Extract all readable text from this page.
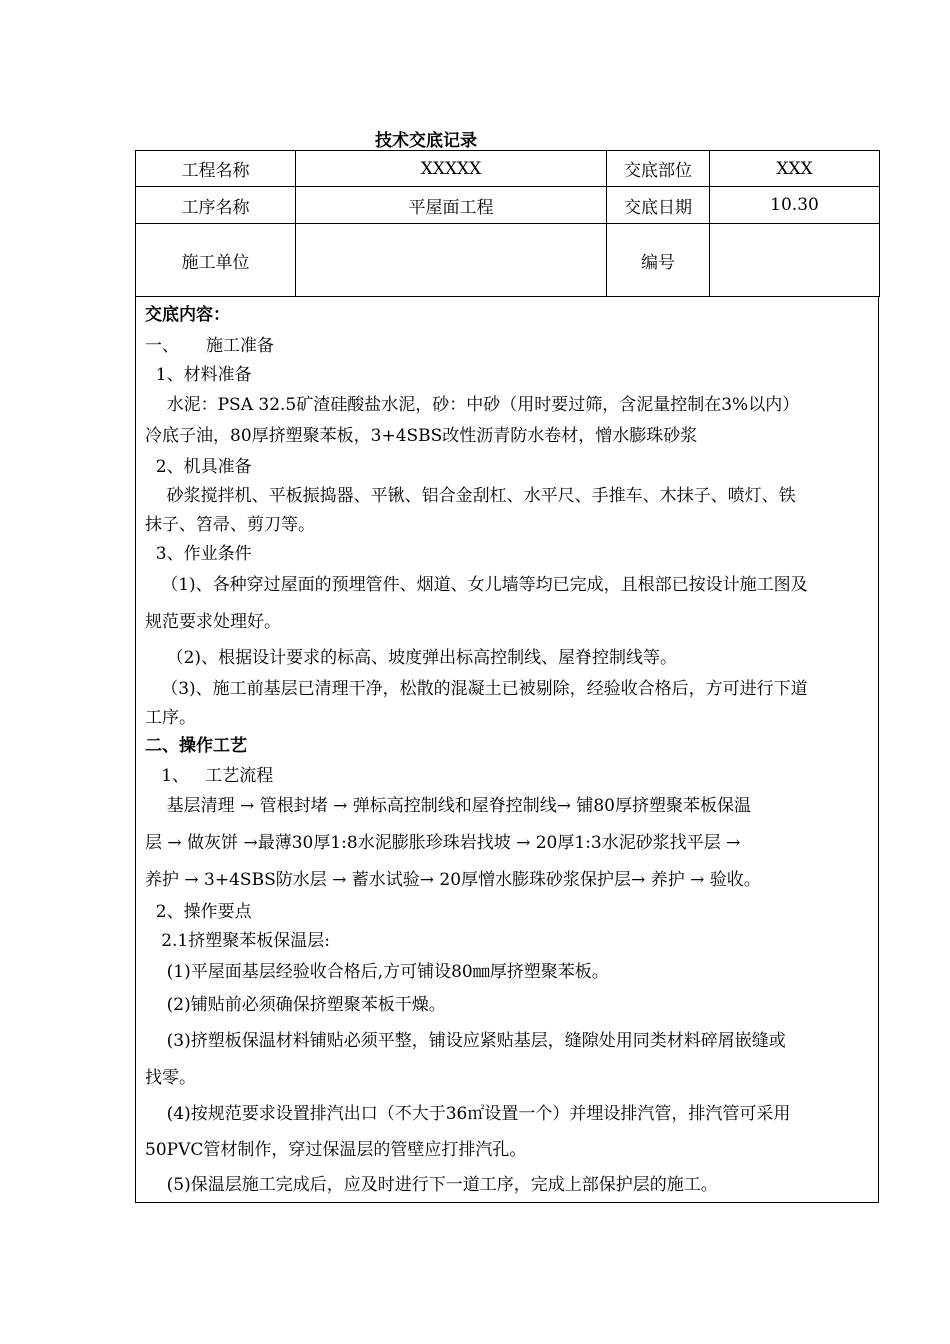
技术交底记录
工程名称	XXXXX	交底部位	XXX
工序名称	平屋面工程	交底日期	10.30
施工单位		编号	
交底内容：
一、     施工准备
1、材料准备
水泥：PSA 32.5矿渣硅酸盐水泥，砂：中砂（用时要过筛，含泥量控制在3%以内）
冷底子油，80厚挤塑聚苯板，3+4SBS改性沥青防水卷材，憎水膨珠砂浆
2、机具准备
砂浆搅拌机、平板振捣器、平锹、铝合金刮杠、水平尺、手推车、木抹子、喷灯、铁
抹子、笤帚、剪刀等。
3、作业条件
（1)、各种穿过屋面的预埋管件、烟道、女儿墙等均已完成，且根部已按设计施工图及
规范要求处理好。
（2)、根据设计要求的标高、坡度弹出标高控制线、屋脊控制线等。
（3)、施工前基层已清理干净，松散的混凝土已被剔除，经验收合格后，方可进行下道
工序。
二、操作工艺
1、   工艺流程
基层清理 → 管根封堵 → 弹标高控制线和屋脊控制线→ 铺80厚挤塑聚苯板保温
层 → 做灰饼 →最薄30厚1:8水泥膨胀珍珠岩找坡 → 20厚1:3水泥砂浆找平层 →
养护 → 3+4SBS防水层 → 蓄水试验→ 20厚憎水膨珠砂浆保护层→ 养护 → 验收。
2、操作要点
2.1挤塑聚苯板保温层:
(1)平屋面基层经验收合格后,方可铺设80㎜厚挤塑聚苯板。
(2)铺贴前必须确保挤塑聚苯板干燥。
(3)挤塑板保温材料铺贴必须平整，铺设应紧贴基层，缝隙处用同类材料碎屑嵌缝或
找零。
(4)按规范要求设置排汽出口（不大于36㎡设置一个）并埋设排汽管，排汽管可采用
50PVC管材制作，穿过保温层的管壁应打排汽孔。
(5)保温层施工完成后，应及时进行下一道工序，完成上部保护层的施工。
